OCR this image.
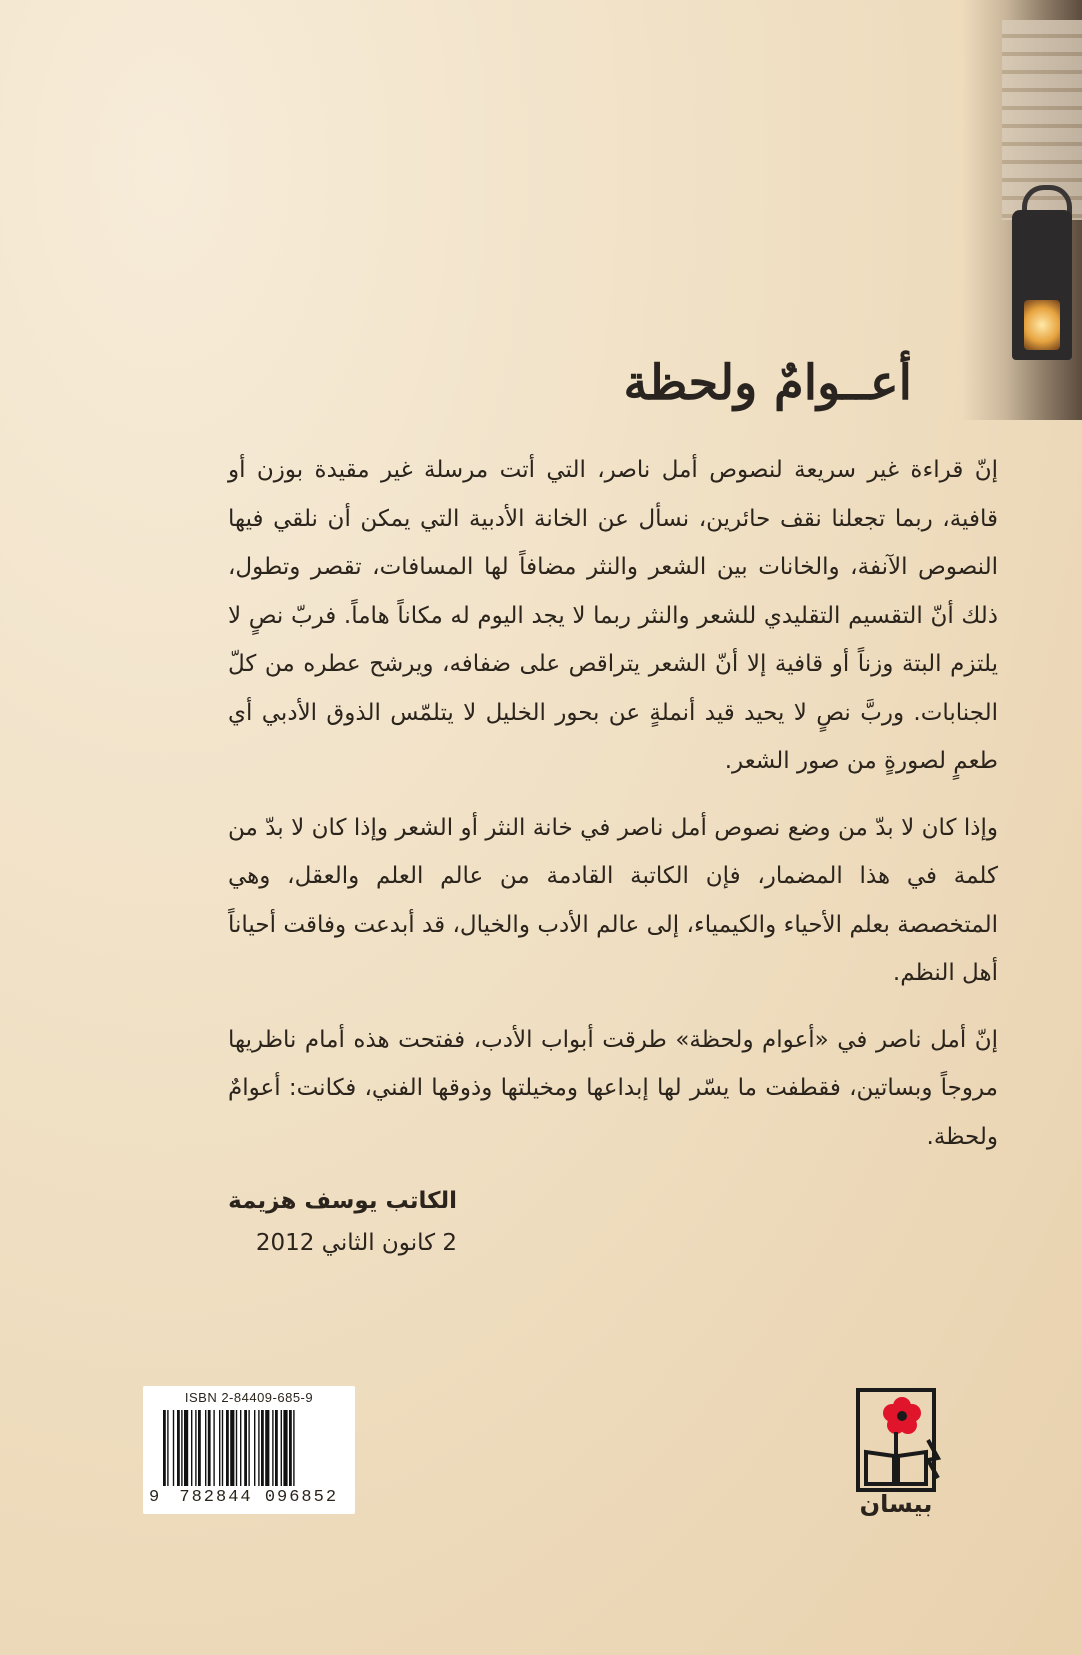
أعــوامٌ ولحظة

إنّ قراءة غير سريعة لنصوص أمل ناصر، التي أتت مرسلة غير مقيدة بوزن أو قافية، ربما تجعلنا نقف حائرين، نسأل عن الخانة الأدبية التي يمكن أن نلقي فيها النصوص الآنفة، والخانات بين الشعر والنثر مضافاً لها المسافات، تقصر وتطول، ذلك أنّ التقسيم التقليدي للشعر والنثر ربما لا يجد اليوم له مكاناً هاماً. فربّ نصٍ لا يلتزم البتة وزناً أو قافية إلا أنّ الشعر يتراقص على ضفافه، ويرشح عطره من كلّ الجنابات. وربَّ نصٍ لا يحيد قيد أنملةٍ عن بحور الخليل لا يتلمّس الذوق الأدبي أي طعمٍ لصورةٍ من صور الشعر.

وإذا كان لا بدّ من وضع نصوص أمل ناصر في خانة النثر أو الشعر وإذا كان لا بدّ من كلمة في هذا المضمار، فإن الكاتبة القادمة من عالم العلم والعقل، وهي المتخصصة بعلم الأحياء والكيمياء، إلى عالم الأدب والخيال، قد أبدعت وفاقت أحياناً أهل النظم.

إنّ أمل ناصر في «أعوام ولحظة» طرقت أبواب الأدب، ففتحت هذه أمام ناظريها مروجاً وبساتين، فقطفت ما يسّر لها إبداعها ومخيلتها وذوقها الفني، فكانت: أعوامٌ ولحظة.

الكاتب يوسف هزيمة
2 كانون الثاني 2012
ISBN 2-84409-685-9
9 782844 096852	بيسان
